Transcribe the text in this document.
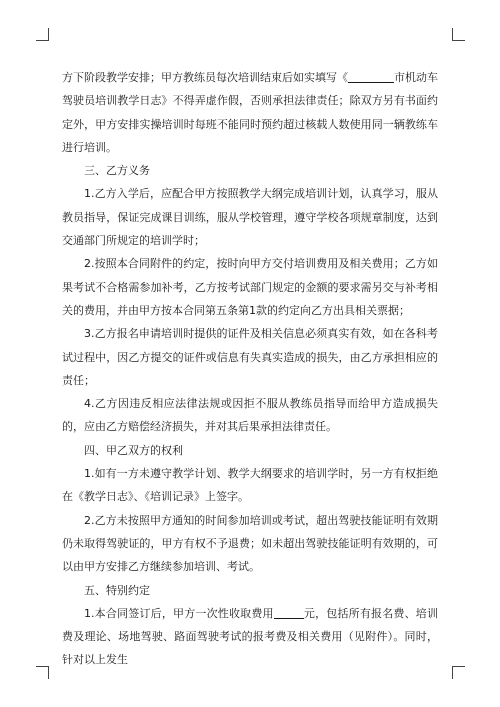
方下阶段教学安排；甲方教练员每次培训结束后如实填写《	市机动车驾驶员培训教学日志》不得弄虚作假，否则承担法律责任；除双方另有书面约定外，甲方安排实操培训时每班不能同时预约超过核载人数使用同一辆教练车进行培训。

三、乙方义务

1.乙方入学后，应配合甲方按照教学大纲完成培训计划，认真学习，服从教员指导，保证完成课目训练，服从学校管理，遵守学校各项规章制度，达到交通部门所规定的培训学时；

2.按照本合同附件的约定，按时向甲方交付培训费用及相关费用；乙方如果考试不合格需参加补考，乙方按考试部门规定的金额的要求需另交与补考相关的费用，并由甲方按本合同第五条第1款的约定向乙方出具相关票据；

3.乙方报名申请培训时提供的证件及相关信息必须真实有效，如在各科考试过程中，因乙方提交的证件或信息有失真实造成的损失，由乙方承担相应的责任；

4.乙方因违反相应法律法规或因拒不服从教练员指导而给甲方造成损失的，应由乙方赔偿经济损失，并对其后果承担法律责任。

四、甲乙双方的权利

1.如有一方未遵守教学计划、教学大纲要求的培训学时，另一方有权拒绝在《教学日志》、《培训记录》上签字。

2.乙方未按照甲方通知的时间参加培训或考试，超出驾驶技能证明有效期仍未取得驾驶证的，甲方有权不予退费；如未超出驾驶技能证明有效期的，可以由甲方安排乙方继续参加培训、考试。

五、特别约定

1.本合同签订后，甲方一次性收取费用	元，包括所有报名费、培训费及理论、场地驾驶、路面驾驶考试的报考费及相关费用（见附件）。同时，针对以上发生
